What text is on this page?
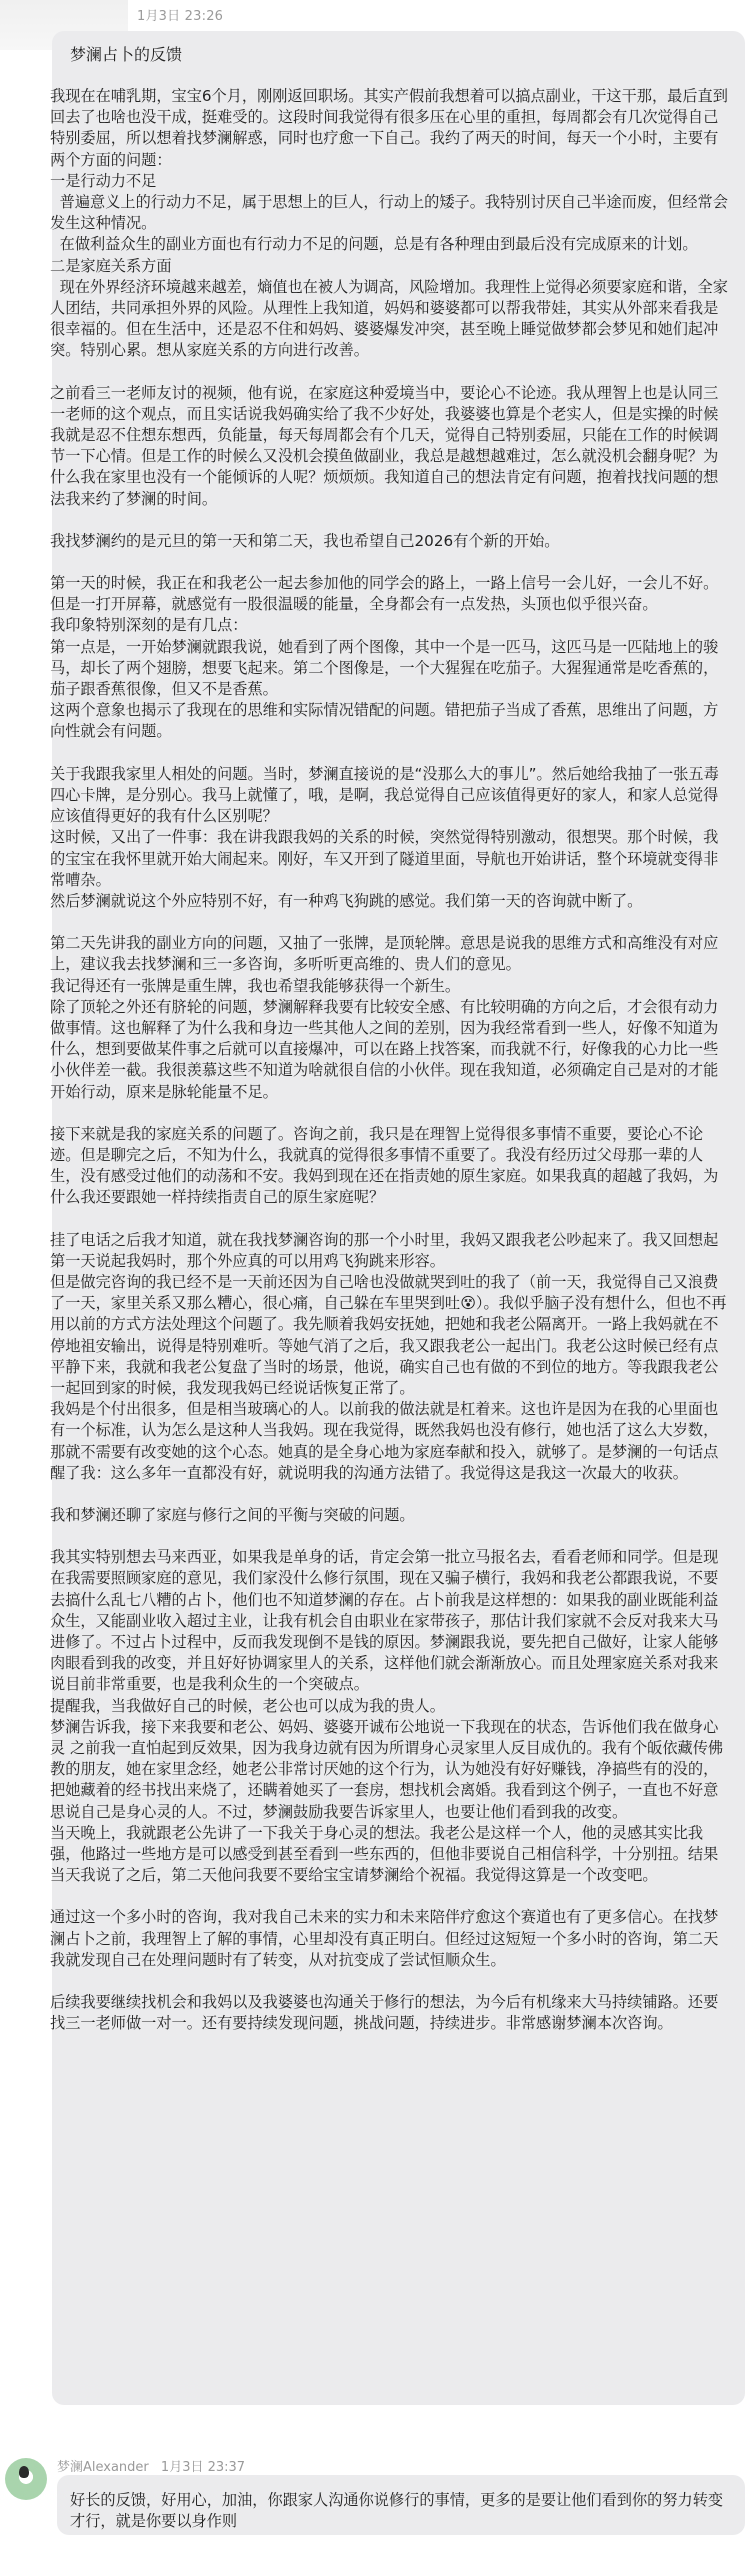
1月3日 23:26
梦澜占卜的反馈

我现在在哺乳期，宝宝6个月，刚刚返回职场。其实产假前我想着可以搞点副业，干这干那，最后直到回去了也啥也没干成，挺难受的。这段时间我觉得有很多压在心里的重担，每周都会有几次觉得自己特别委屈，所以想着找梦澜解惑，同时也疗愈一下自己。我约了两天的时间，每天一个小时，主要有两个方面的问题：

一是行动力不足

普遍意义上的行动力不足，属于思想上的巨人，行动上的矮子。我特别讨厌自己半途而废，但经常会发生这种情况。

在做利益众生的副业方面也有行动力不足的问题，总是有各种理由到最后没有完成原来的计划。

二是家庭关系方面

现在外界经济环境越来越差，熵值也在被人为调高，风险增加。我理性上觉得必须要家庭和谐，全家人团结，共同承担外界的风险。从理性上我知道，妈妈和婆婆都可以帮我带娃，其实从外部来看我是很幸福的。但在生活中，还是忍不住和妈妈、婆婆爆发冲突，甚至晚上睡觉做梦都会梦见和她们起冲突。特别心累。想从家庭关系的方向进行改善。

之前看三一老师友讨的视频，他有说，在家庭这种爱境当中，要论心不论迹。我从理智上也是认同三一老师的这个观点，而且实话说我妈确实给了我不少好处，我婆婆也算是个老实人，但是实操的时候我就是忍不住想东想西，负能量，每天每周都会有个几天，觉得自己特别委屈，只能在工作的时候调节一下心情。但是工作的时候么又没机会摸鱼做副业，我总是越想越难过，怎么就没机会翻身呢？为什么我在家里也没有一个能倾诉的人呢？烦烦烦。我知道自己的想法肯定有问题，抱着找找问题的想法我来约了梦澜的时间。

我找梦澜约的是元旦的第一天和第二天，我也希望自己2026有个新的开始。

第一天的时候，我正在和我老公一起去参加他的同学会的路上，一路上信号一会儿好，一会儿不好。但是一打开屏幕，就感觉有一股很温暖的能量，全身都会有一点发热，头顶也似乎很兴奋。

我印象特别深刻的是有几点：

第一点是，一开始梦澜就跟我说，她看到了两个图像，其中一个是一匹马，这匹马是一匹陆地上的骏马，却长了两个翅膀，想要飞起来。第二个图像是，一个大猩猩在吃茄子。大猩猩通常是吃香蕉的，茄子跟香蕉很像，但又不是香蕉。

这两个意象也揭示了我现在的思维和实际情况错配的问题。错把茄子当成了香蕉，思维出了问题，方向性就会有问题。

关于我跟我家里人相处的问题。当时，梦澜直接说的是“没那么大的事儿”。然后她给我抽了一张五毒四心卡牌，是分别心。我马上就懂了，哦，是啊，我总觉得自己应该值得更好的家人，和家人总觉得应该值得更好的我有什么区别呢？

这时候，又出了一件事：我在讲我跟我妈的关系的时候，突然觉得特别激动，很想哭。那个时候，我的宝宝在我怀里就开始大闹起来。刚好，车又开到了隧道里面，导航也开始讲话，整个环境就变得非常嘈杂。

然后梦澜就说这个外应特别不好，有一种鸡飞狗跳的感觉。我们第一天的咨询就中断了。

第二天先讲我的副业方向的问题，又抽了一张牌，是顶轮牌。意思是说我的思维方式和高维没有对应上，建议我去找梦澜和三一多咨询，多听听更高维的、贵人们的意见。

我记得还有一张牌是重生牌，我也希望我能够获得一个新生。

除了顶轮之外还有脐轮的问题，梦澜解释我要有比较安全感、有比较明确的方向之后，才会很有动力做事情。这也解释了为什么我和身边一些其他人之间的差别，因为我经常看到一些人，好像不知道为什么，想到要做某件事之后就可以直接爆冲，可以在路上找答案，而我就不行，好像我的心力比一些小伙伴差一截。我很羡慕这些不知道为啥就很自信的小伙伴。现在我知道，必须确定自己是对的才能开始行动，原来是脉轮能量不足。

接下来就是我的家庭关系的问题了。咨询之前，我只是在理智上觉得很多事情不重要，要论心不论迹。但是聊完之后，不知为什么，我就真的觉得很多事情不重要了。我没有经历过父母那一辈的人生，没有感受过他们的动荡和不安。我妈到现在还在指责她的原生家庭。如果我真的超越了我妈，为什么我还要跟她一样持续指责自己的原生家庭呢？

挂了电话之后我才知道，就在我找梦澜咨询的那一个小时里，我妈又跟我老公吵起来了。我又回想起第一天说起我妈时，那个外应真的可以用鸡飞狗跳来形容。

但是做完咨询的我已经不是一天前还因为自己啥也没做就哭到吐的我了（前一天，我觉得自己又浪费了一天，家里关系又那么糟心，很心痛，自己躲在车里哭到吐😵）。我似乎脑子没有想什么，但也不再用以前的方式方法处理这个问题了。我先顺着我妈安抚她，把她和我老公隔离开。一路上我妈就在不停地祖安输出，说得是特别难听。等她气消了之后，我又跟我老公一起出门。我老公这时候已经有点平静下来，我就和我老公复盘了当时的场景，他说，确实自己也有做的不到位的地方。等我跟我老公一起回到家的时候，我发现我妈已经说话恢复正常了。

我妈是个付出很多，但是相当玻璃心的人。以前我的做法就是杠着来。这也许是因为在我的心里面也有一个标准，认为怎么是这种人当我妈。现在我觉得，既然我妈也没有修行，她也活了这么大岁数，那就不需要有改变她的这个心态。她真的是全身心地为家庭奉献和投入，就够了。是梦澜的一句话点醒了我：这么多年一直都没有好，就说明我的沟通方法错了。我觉得这是我这一次最大的收获。

我和梦澜还聊了家庭与修行之间的平衡与突破的问题。

我其实特别想去马来西亚，如果我是单身的话，肯定会第一批立马报名去，看看老师和同学。但是现在我需要照顾家庭的意见，我们家没什么修行氛围，现在又骗子横行，我妈和我老公都跟我说，不要去搞什么乱七八糟的占卜，他们也不知道梦澜的存在。占卜前我是这样想的：如果我的副业既能利益众生，又能副业收入超过主业，让我有机会自由职业在家带孩子，那估计我们家就不会反对我来大马进修了。不过占卜过程中，反而我发现倒不是钱的原因。梦澜跟我说，要先把自己做好，让家人能够肉眼看到我的改变，并且好好协调家里人的关系，这样他们就会渐渐放心。而且处理家庭关系对我来说目前非常重要，也是我利众生的一个突破点。

提醒我，当我做好自己的时候，老公也可以成为我的贵人。

梦澜告诉我，接下来我要和老公、妈妈、婆婆开诚布公地说一下我现在的状态，告诉他们我在做身心灵 之前我一直怕起到反效果，因为我身边就有因为所谓身心灵家里人反目成仇的。我有个皈依藏传佛教的朋友，她在家里念经，她老公非常讨厌她的这个行为，认为她没有好好赚钱，净搞些有的没的，把她藏着的经书找出来烧了，还瞒着她买了一套房，想找机会离婚。我看到这个例子，一直也不好意思说自己是身心灵的人。不过，梦澜鼓励我要告诉家里人，也要让他们看到我的改变。

当天晚上，我就跟老公先讲了一下我关于身心灵的想法。我老公是这样一个人，他的灵感其实比我强，他路过一些地方是可以感受到甚至看到一些东西的，但他非要说自己相信科学，十分别扭。结果当天我说了之后，第二天他问我要不要给宝宝请梦澜给个祝福。我觉得这算是一个改变吧。

通过这一个多小时的咨询，我对我自己未来的实力和未来陪伴疗愈这个赛道也有了更多信心。在找梦澜占卜之前，我理智上了解的事情，心里却没有真正明白。但经过这短短一个多小时的咨询，第二天我就发现自己在处理问题时有了转变，从对抗变成了尝试恒顺众生。

后续我要继续找机会和我妈以及我婆婆也沟通关于修行的想法，为今后有机缘来大马持续铺路。还要找三一老师做一对一。还有要持续发现问题，挑战问题，持续进步。非常感谢梦澜本次咨询。

梦澜Alexander 1月3日 23:37
好长的反馈，好用心，加油，你跟家人沟通你说修行的事情，更多的是要让他们看到你的努力转变才行，就是你要以身作则
